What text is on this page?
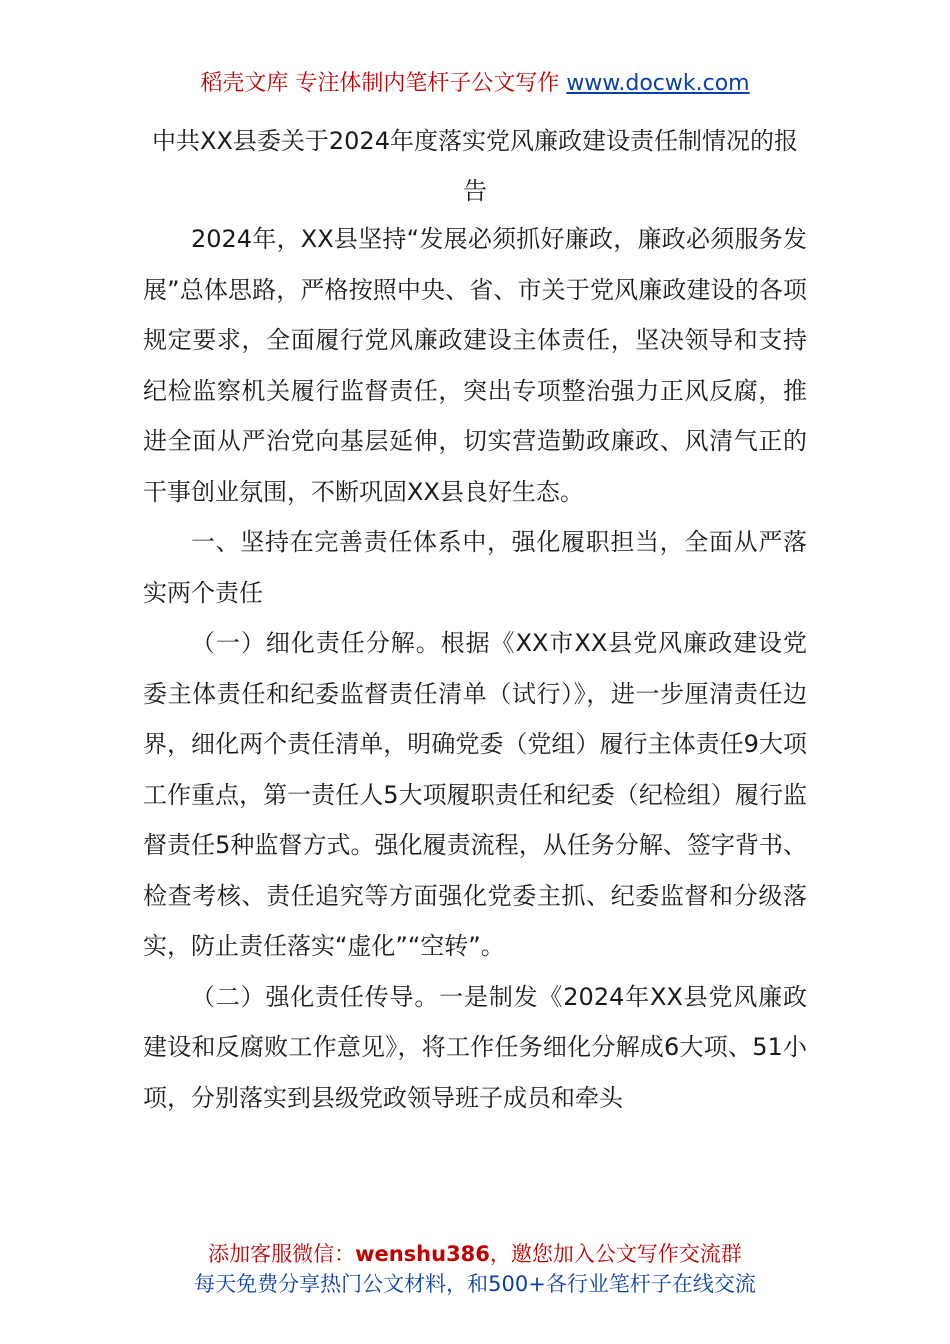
稻壳文库 专注体制内笔杆子公文写作 www.docwk.com
中共XX县委关于2024年度落实党风廉政建设责任制情况的报告

2024年，XX县坚持“发展必须抓好廉政，廉政必须服务发展”总体思路，严格按照中央、省、市关于党风廉政建设的各项规定要求，全面履行党风廉政建设主体责任，坚决领导和支持纪检监察机关履行监督责任，突出专项整治强力正风反腐，推进全面从严治党向基层延伸，切实营造勤政廉政、风清气正的干事创业氛围，不断巩固XX县良好生态。

一、坚持在完善责任体系中，强化履职担当，全面从严落实两个责任

（一）细化责任分解。根据《XX市XX县党风廉政建设党委主体责任和纪委监督责任清单（试行）》，进一步厘清责任边界，细化两个责任清单，明确党委（党组）履行主体责任9大项工作重点，第一责任人5大项履职责任和纪委（纪检组）履行监督责任5种监督方式。强化履责流程，从任务分解、签字背书、检查考核、责任追究等方面强化党委主抓、纪委监督和分级落实，防止责任落实“虚化”“空转”。

（二）强化责任传导。一是制发《2024年XX县党风廉政建设和反腐败工作意见》，将工作任务细化分解成6大项、51小项，分别落实到县级党政领导班子成员和牵头

添加客服微信：wenshu386，邀您加入公文写作交流群
每天免费分享热门公文材料，和500+各行业笔杆子在线交流
